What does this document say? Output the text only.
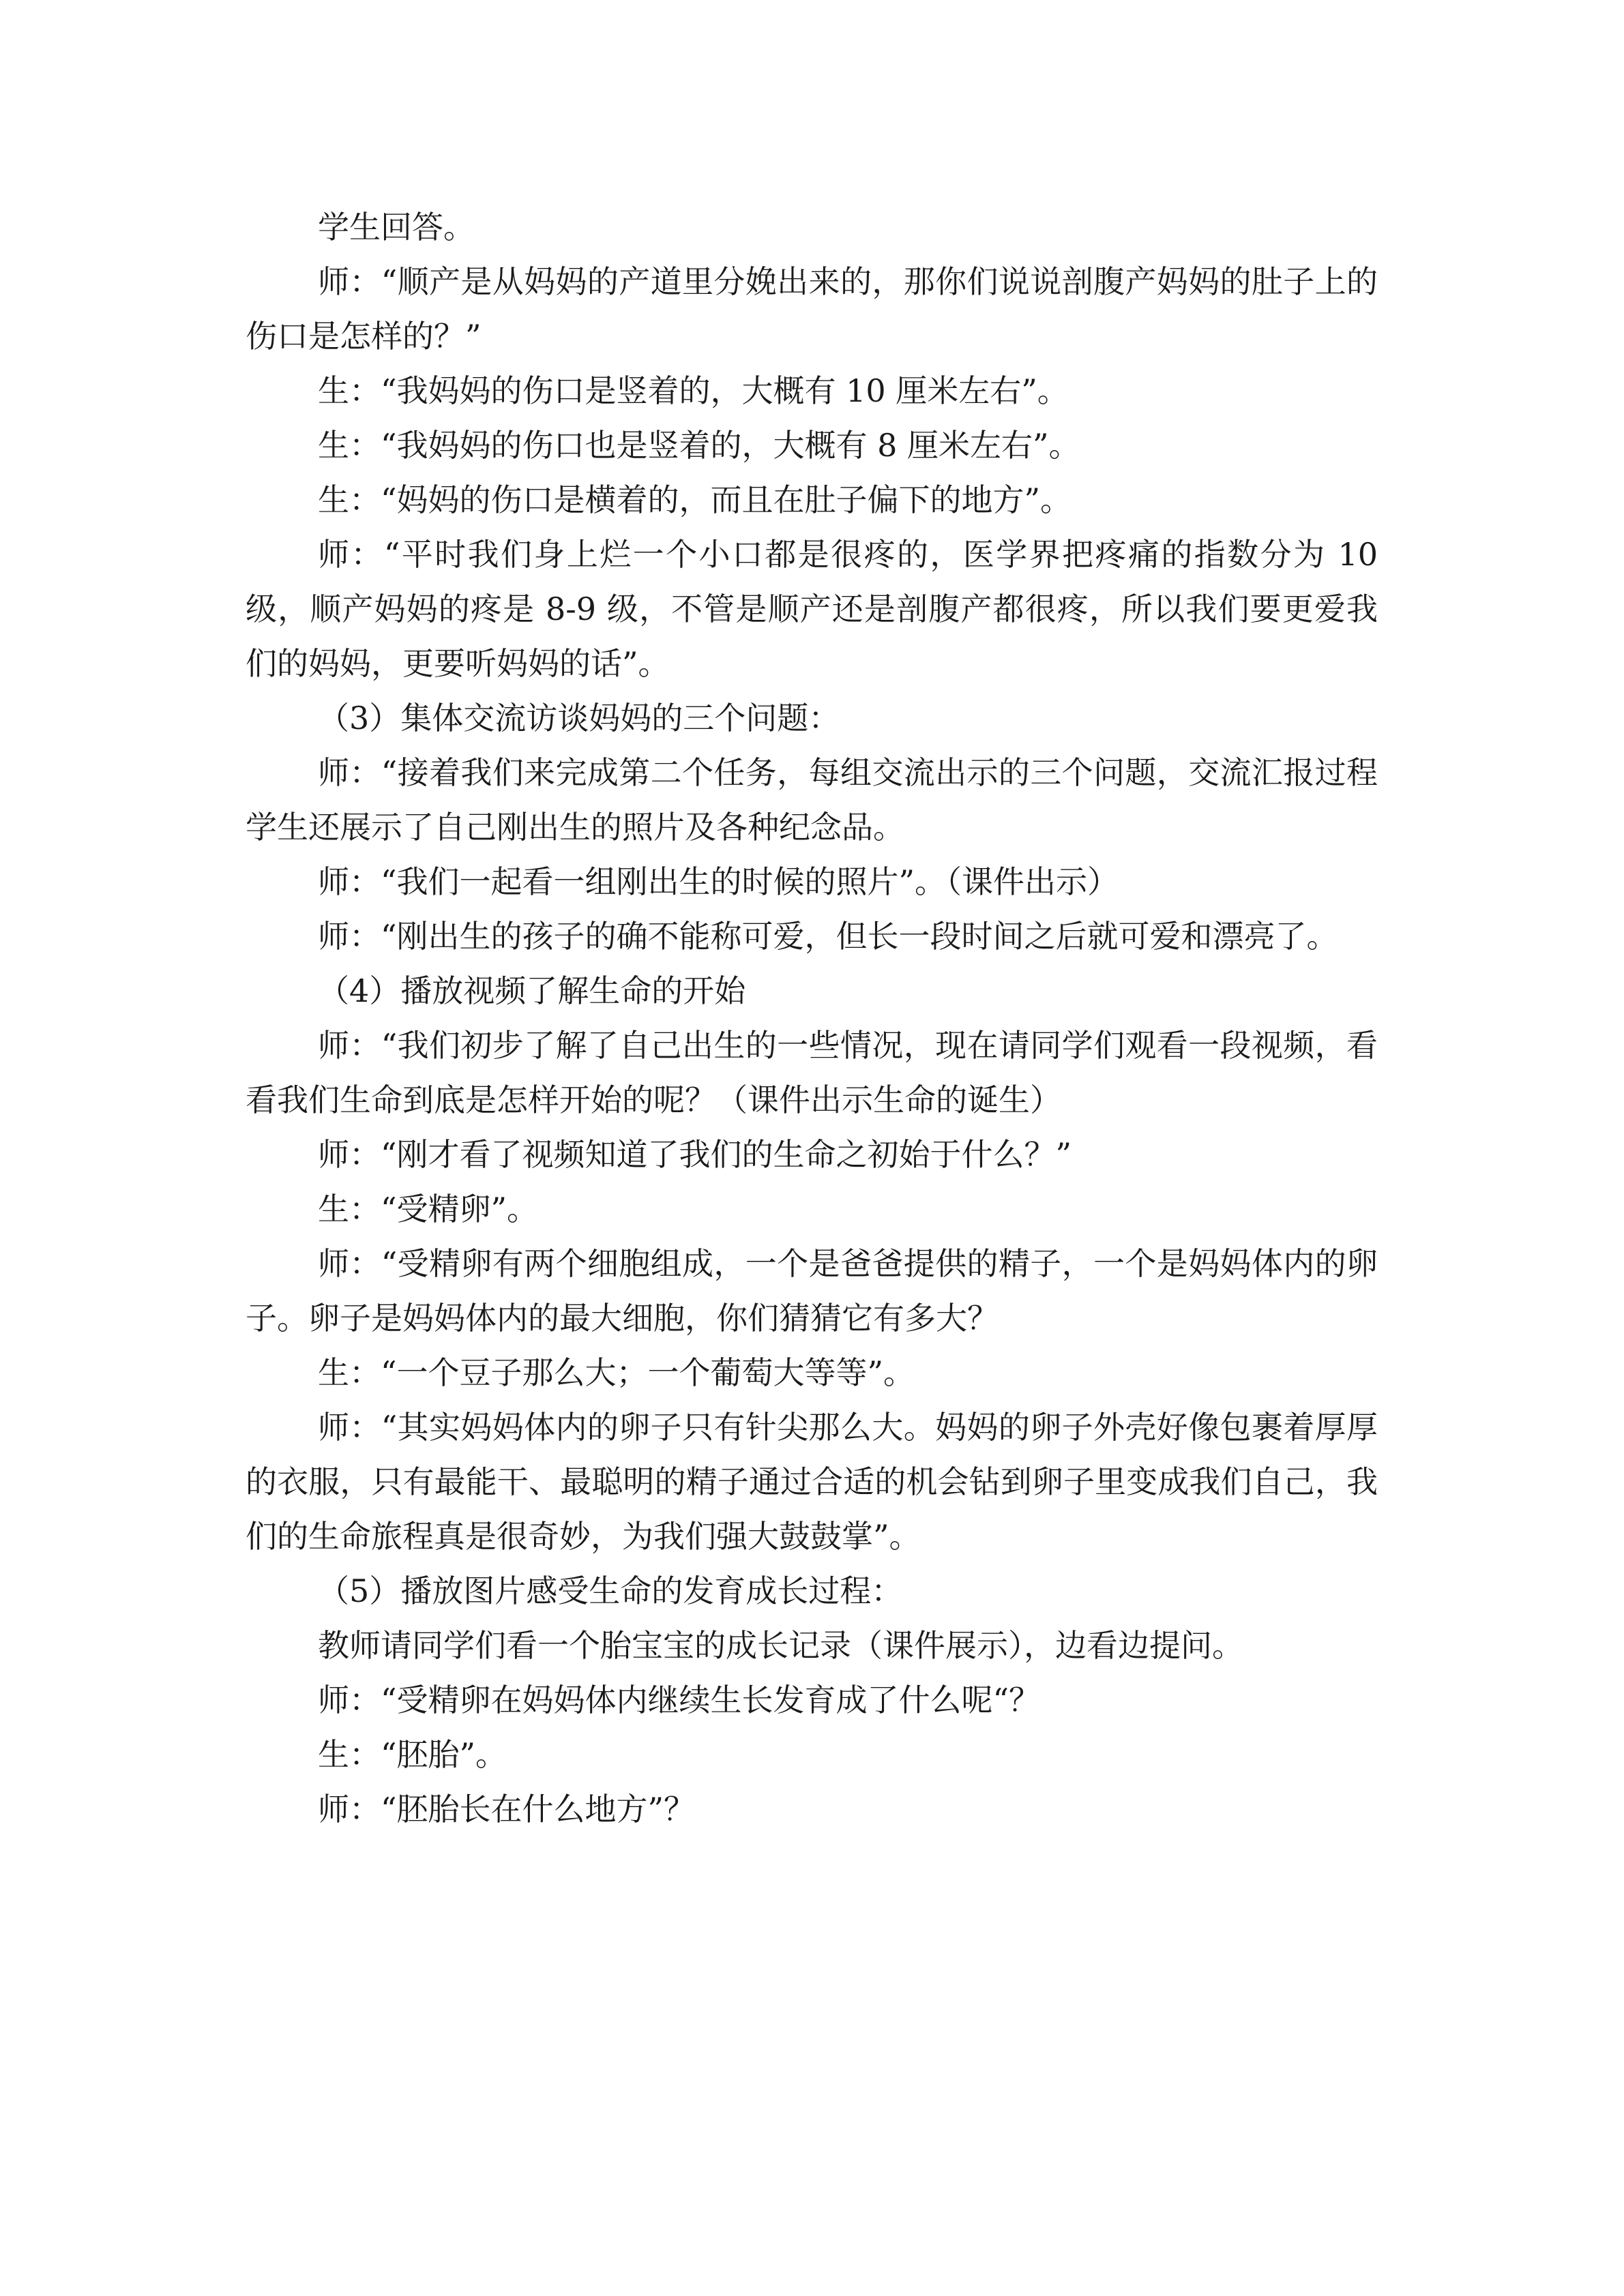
学生回答。

师：“顺产是从妈妈的产道里分娩出来的，那你们说说剖腹产妈妈的肚子上的伤口是怎样的？”

生：“我妈妈的伤口是竖着的，大概有 10 厘米左右”。

生：“我妈妈的伤口也是竖着的，大概有 8 厘米左右”。

生：“妈妈的伤口是横着的，而且在肚子偏下的地方”。

师：“平时我们身上烂一个小口都是很疼的，医学界把疼痛的指数分为 10 级，顺产妈妈的疼是 8-9 级，不管是顺产还是剖腹产都很疼，所以我们要更爱我们的妈妈，更要听妈妈的话”。

（3）集体交流访谈妈妈的三个问题：

师：“接着我们来完成第二个任务，每组交流出示的三个问题，交流汇报过程学生还展示了自己刚出生的照片及各种纪念品。

师：“我们一起看一组刚出生的时候的照片”。（课件出示）

师：“刚出生的孩子的确不能称可爱，但长一段时间之后就可爱和漂亮了。

（4）播放视频了解生命的开始

师：“我们初步了解了自己出生的一些情况，现在请同学们观看一段视频，看看我们生命到底是怎样开始的呢？（课件出示生命的诞生）

师：“刚才看了视频知道了我们的生命之初始于什么？”

生：“受精卵”。

师：“受精卵有两个细胞组成，一个是爸爸提供的精子，一个是妈妈体内的卵子。卵子是妈妈体内的最大细胞，你们猜猜它有多大？

生：“一个豆子那么大；一个葡萄大等等”。

师：“其实妈妈体内的卵子只有针尖那么大。妈妈的卵子外壳好像包裹着厚厚的衣服，只有最能干、最聪明的精子通过合适的机会钻到卵子里变成我们自己，我们的生命旅程真是很奇妙，为我们强大鼓鼓掌”。

（5）播放图片感受生命的发育成长过程：

教师请同学们看一个胎宝宝的成长记录（课件展示），边看边提问。

师：“受精卵在妈妈体内继续生长发育成了什么呢“？

生：“胚胎”。

师：“胚胎长在什么地方”？
